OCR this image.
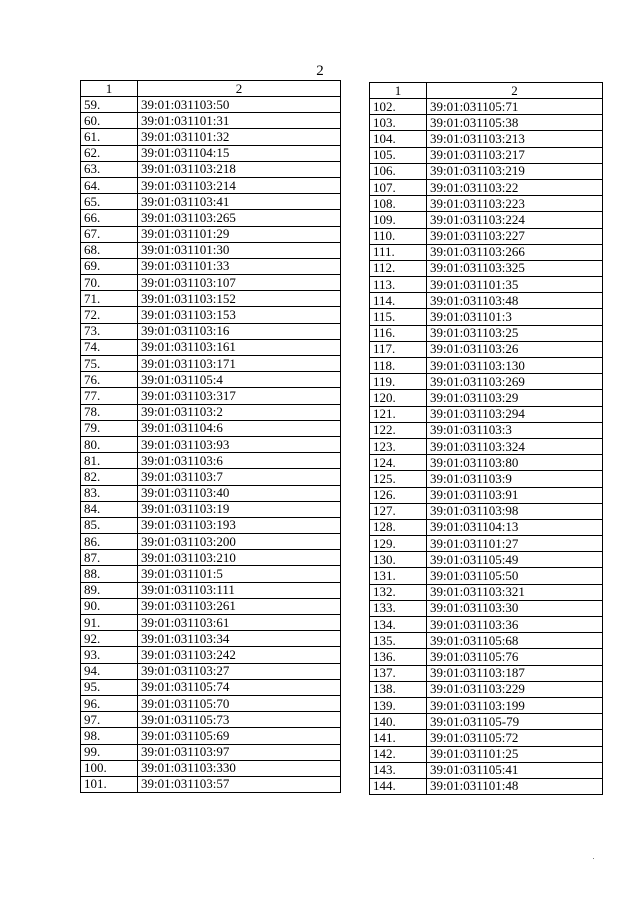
2
1	2
59.	39:01:031103:50
60.	39:01:031101:31
61.	39:01:031101:32
62.	39:01:031104:15
63.	39:01:031103:218
64.	39:01:031103:214
65.	39:01:031103:41
66.	39:01:031103:265
67.	39:01:031101:29
68.	39:01:031101:30
69.	39:01:031101:33
70.	39:01:031103:107
71.	39:01:031103:152
72.	39:01:031103:153
73.	39:01:031103:16
74.	39:01:031103:161
75.	39:01:031103:171
76.	39:01:031105:4
77.	39:01:031103:317
78.	39:01:031103:2
79.	39:01:031104:6
80.	39:01:031103:93
81.	39:01:031103:6
82.	39:01:031103:7
83.	39:01:031103:40
84.	39:01:031103:19
85.	39:01:031103:193
86.	39:01:031103:200
87.	39:01:031103:210
88.	39:01:031101:5
89.	39:01:031103:111
90.	39:01:031103:261
91.	39:01:031103:61
92.	39:01:031103:34
93.	39:01:031103:242
94.	39:01:031103:27
95.	39:01:031105:74
96.	39:01:031105:70
97.	39:01:031105:73
98.	39:01:031105:69
99.	39:01:031103:97
100.	39:01:031103:330
101.	39:01:031103:57
1	2
102.	39:01:031105:71
103.	39:01:031105:38
104.	39:01:031103:213
105.	39:01:031103:217
106.	39:01:031103:219
107.	39:01:031103:22
108.	39:01:031103:223
109.	39:01:031103:224
110.	39:01:031103:227
111.	39:01:031103:266
112.	39:01:031103:325
113.	39:01:031101:35
114.	39:01:031103:48
115.	39:01:031101:3
116.	39:01:031103:25
117.	39:01:031103:26
118.	39:01:031103:130
119.	39:01:031103:269
120.	39:01:031103:29
121.	39:01:031103:294
122.	39:01:031103:3
123.	39:01:031103:324
124.	39:01:031103:80
125.	39:01:031103:9
126.	39:01:031103:91
127.	39:01:031103:98
128.	39:01:031104:13
129.	39:01:031101:27
130.	39:01:031105:49
131.	39:01:031105:50
132.	39:01:031103:321
133.	39:01:031103:30
134.	39:01:031103:36
135.	39:01:031105:68
136.	39:01:031105:76
137.	39:01:031103:187
138.	39:01:031103:229
139.	39:01:031103:199
140.	39:01:031105-79
141.	39:01:031105:72
142.	39:01:031101:25
143.	39:01:031105:41
144.	39:01:031101:48
